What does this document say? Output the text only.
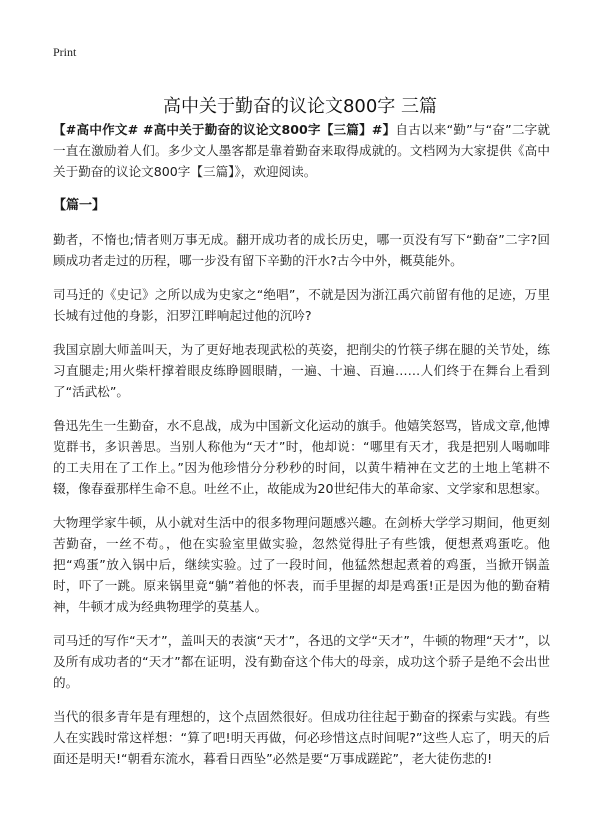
Print
高中关于勤奋的议论文800字 三篇

【#高中作文# #高中关于勤奋的议论文800字【三篇】#】自古以来“勤”与“奋”二字就一直在激励着人们。多少文人墨客都是靠着勤奋来取得成就的。文档网为大家提供《高中关于勤奋的议论文800字【三篇】》，欢迎阅读。

【篇一】

勤者，不惰也;情者则万事无成。翻开成功者的成长历史，哪一页没有写下“勤奋”二字?回顾成功者走过的历程，哪一步没有留下辛勤的汗水?古今中外，概莫能外。

司马迁的《史记》之所以成为史家之“绝唱”，不就是因为浙江禹穴前留有他的足迹，万里长城有过他的身影，汨罗江畔响起过他的沉吟?

我国京剧大师盖叫天，为了更好地表现武松的英姿，把削尖的竹筷子绑在腿的关节处，练习直腿走;用火柴杆撑着眼皮练睁圆眼睛，一遍、十遍、百遍……人们终于在舞台上看到了“活武松”。

鲁迅先生一生勤奋，水不息战，成为中国新文化运动的旗手。他嬉笑怒骂，皆成文章,他博览群书，多识善思。当别人称他为“天才”时，他却说：“哪里有天才，我是把别人喝咖啡的工夫用在了工作上。”因为他珍惜分分秒秒的时间，以黄牛精神在文艺的土地上笔耕不辍，像春蚕那样生命不息。吐丝不止，故能成为20世纪伟大的革命家、文学家和思想家。

大物理学家牛顿，从小就对生活中的很多物理问题感兴趣。在剑桥大学学习期间，他更刻苦勤奋，一丝不苟。，他在实验室里做实验，忽然觉得肚子有些饿，便想煮鸡蛋吃。他把“鸡蛋”放入锅中后，继续实验。过了一段时间，他猛然想起煮着的鸡蛋，当掀开锅盖时，吓了一跳。原来锅里竟“躺”着他的怀表，而手里握的却是鸡蛋!正是因为他的勤奋精神，牛顿才成为经典物理学的莫基人。

司马迁的写作“天才”，盖叫天的表演“天才”，各迅的文学“天才”，牛顿的物理“天才”，以及所有成功者的“天才”都在证明，没有勤奋这个伟大的母亲，成功这个骄子是绝不会出世的。

当代的很多青年是有理想的，这个点固然很好。但成功往往起于勤奋的探索与实践。有些人在实践时常这样想：“算了吧!明天再做，何必珍惜这点时间呢?”这些人忘了，明天的后面还是明天!“朝看东流水，暮看日西坠”必然是要“万事成蹉跎”，老大徒伤悲的!
